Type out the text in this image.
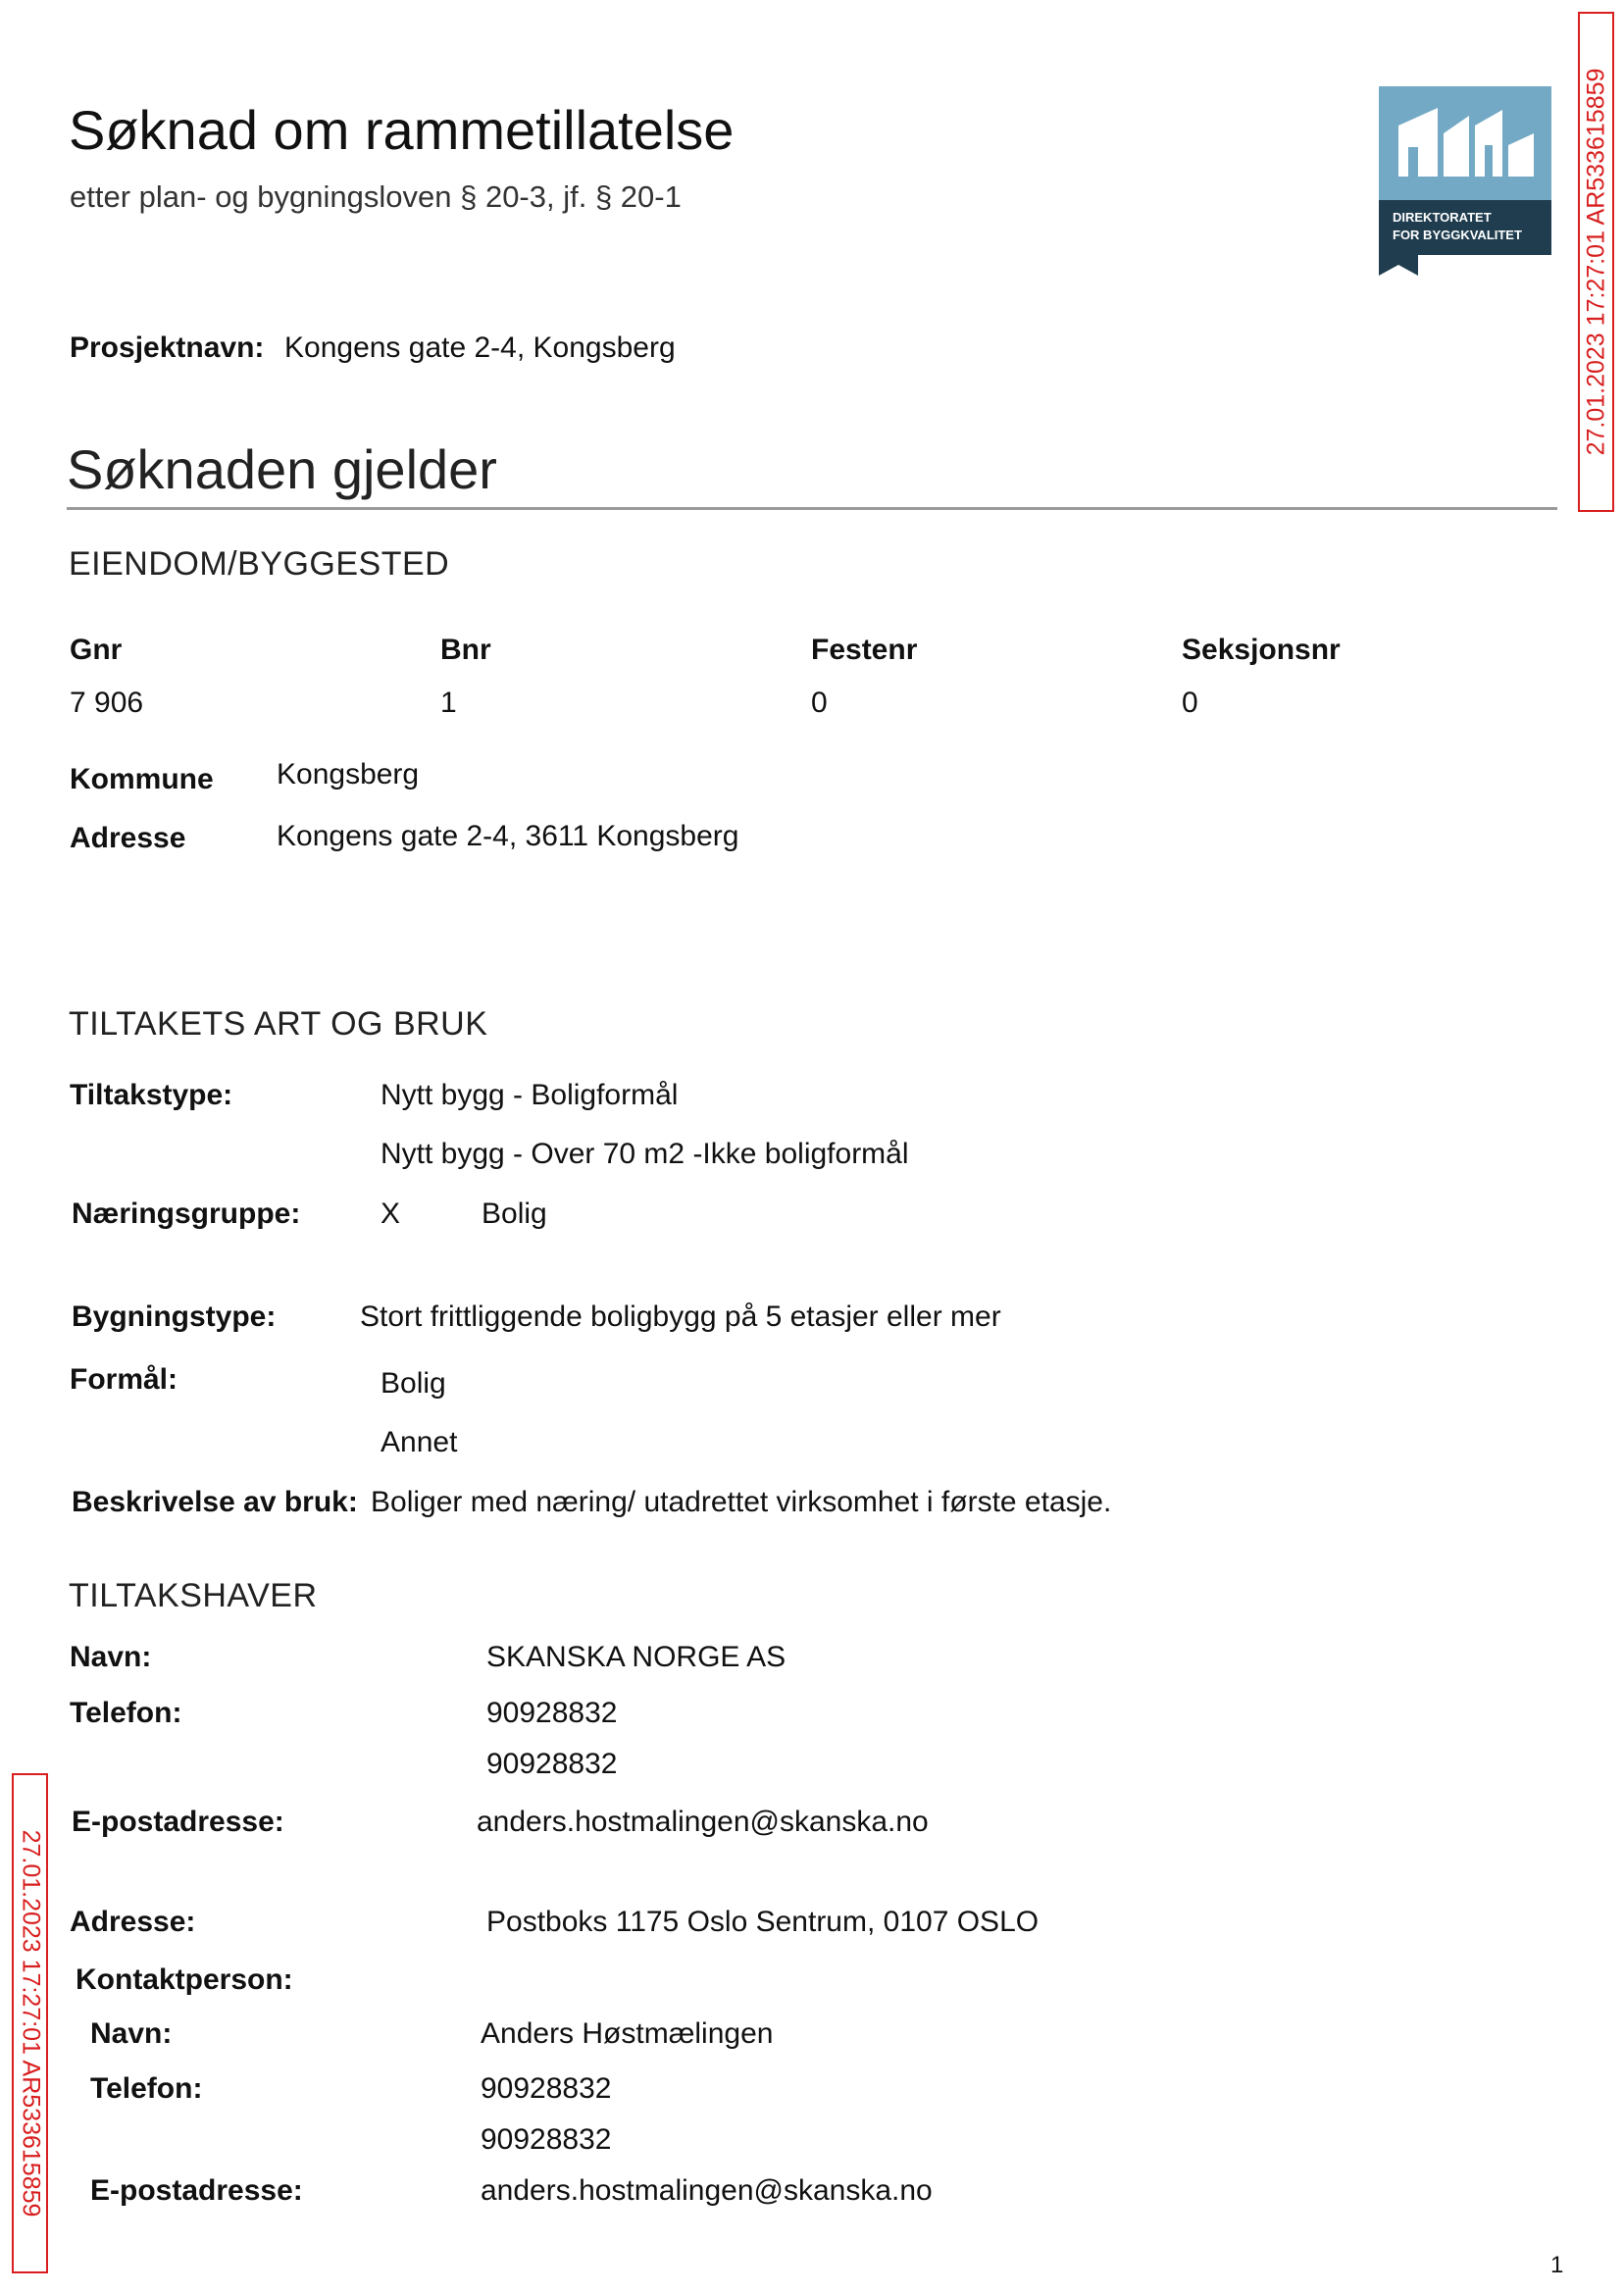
Søknad om rammetillatelse
etter plan- og bygningsloven § 20-3, jf. § 20-1
DIREKTORATET
FOR BYGGKVALITET
Prosjektnavn: Kongens gate 2-4, Kongsberg
Søknaden gjelder
EIENDOM/BYGGESTED
Gnr	Bnr	Festenr	Seksjonsnr
7 906	1	0	0
Kommune Kongsberg
Adresse	Kongens gate 2-4, 3611 Kongsberg
TILTAKETS ART OG BRUK
Tiltakstype:	Nytt bygg - Boligformål
Nytt bygg - Over 70 m2 -Ikke boligformål
Næringsgruppe:	X	Bolig
Bygningstype:	Stort frittliggende boligbygg på 5 etasjer eller mer
Formål:	Bolig
Annet
Beskrivelse av bruk: Boliger med næring/ utadrettet virksomhet i første etasje.
TILTAKSHAVER
Navn:	SKANSKA NORGE AS
Telefon:	90928832
90928832
E-postadresse:	anders.hostmalingen@skanska.no
Adresse:	Postboks 1175 Oslo Sentrum, 0107 OSLO
Kontaktperson:
Navn:	Anders Høstmælingen
Telefon:	90928832
90928832
E-postadresse:	anders.hostmalingen@skanska.no
27.01.2023 17:27:01 AR533615859
27.01.2023 17:27:01 AR533615859
1
